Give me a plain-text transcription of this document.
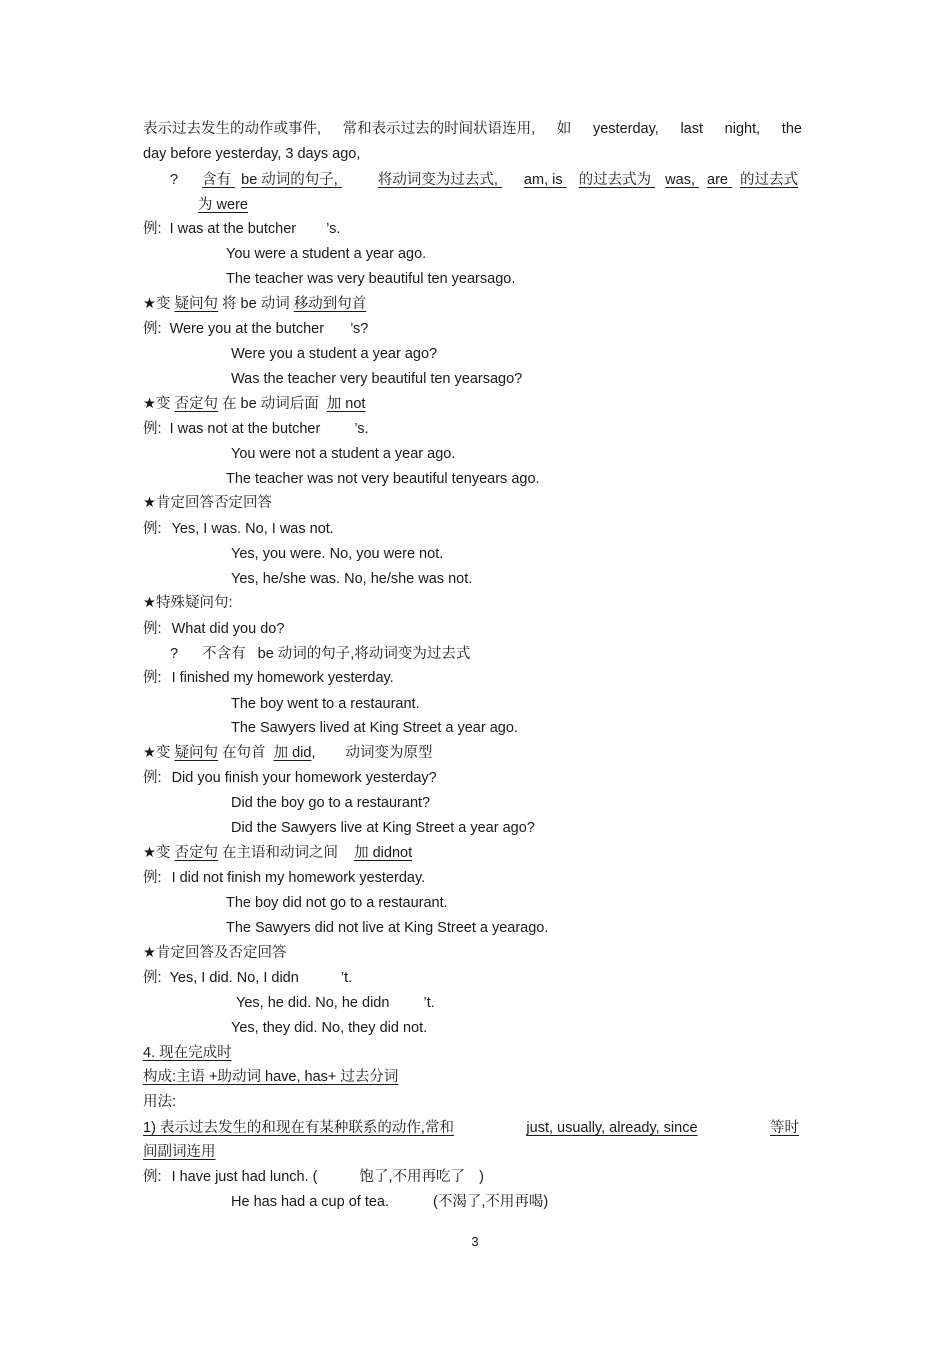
表示过去发生的动作或事件, 常和表示过去的时间状语连用, 如 yesterday, last night, the
day before yesterday, 3 days ago,
? 含有 be 动词的句子,	将动词变为过去式, am, is 的过去式为 was, are 的过去式
为 were
例: I was at the butcher ’s.
You were a student a year ago.
The teacher was very beautiful ten yearsago.
★变 疑问句 将 be 动词 移动到句首
例: Were you at the butcher ’s?
Were you a student a year ago?
Was the teacher very beautiful ten yearsago?
★变 否定句 在 be 动词后面 加 not
例: I was not at the butcher ’s.
You were not a student a year ago.
The teacher was not very beautiful tenyears ago.
★肯定回答否定回答
例: Yes, I was. No, I was not.
Yes, you were. No, you were not.
Yes, he/she was. No, he/she was not.
★特殊疑问句:
例: What did you do?
? 不含有 be 动词的句子,将动词变为过去式
例: I finished my homework yesterday.
The boy went to a restaurant.
The Sawyers lived at King Street a year ago.
★变 疑问句 在句首 加 did, 动词变为原型
例: Did you finish your homework yesterday?
Did the boy go to a restaurant?
Did the Sawyers live at King Street a year ago?
★变 否定句 在主语和动词之间 加 didnot
例: I did not finish my homework yesterday.
The boy did not go to a restaurant.
The Sawyers did not live at King Street a yearago.
★肯定回答及否定回答
例: Yes, I did. No, I didn	’t.
Yes, he did. No, he didn ’t.
Yes, they did. No, they did not.
4. 现在完成时
构成:主语 +助动词 have, has+ 过去分词
用法:
1) 表示过去发生的和现在有某种联系的动作,常和	just, usually, already, since	等时
间副词连用
例: I have just had lunch. (	饱了,不用再吃了 )
He has had a cup of tea.	(不渴了,不用再喝)
3
